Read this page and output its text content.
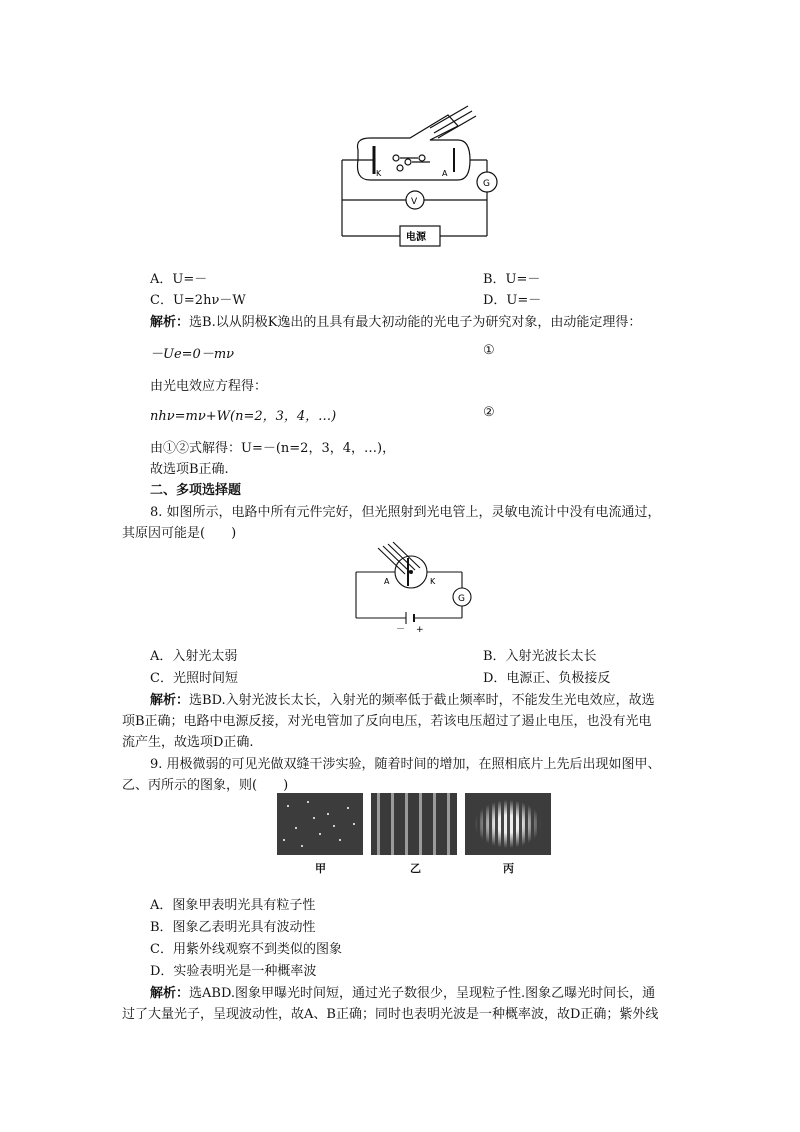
K	A
G
V
电源
A．U=－	B．U=－
C．U=2hν－W	D．U=－
解析：选B.以从阴极K逸出的且具有最大初动能的光电子为研究对象，由动能定理得：
－Ue=0－mν	①
由光电效应方程得：
nhν=mν+W(n=2，3，4，…)	②
由①②式解得：U=－(n=2，3，4，…)，
故选项B正确.
二、多项选择题
8. 如图所示，电路中所有元件完好，但光照射到光电管上，灵敏电流计中没有电流通过，
其原因可能是(　　)
A	K
G
－ +
A．入射光太弱	B．入射光波长太长
C．光照时间短	D．电源正、负极接反
解析：选BD.入射光波长太长，入射光的频率低于截止频率时，不能发生光电效应，故选
项B正确；电路中电源反接，对光电管加了反向电压，若该电压超过了遏止电压，也没有光电
流产生，故选项D正确.
9. 用极微弱的可见光做双缝干涉实验，随着时间的增加，在照相底片上先后出现如图甲、
乙、丙所示的图象，则(　　)
甲	乙	丙
A．图象甲表明光具有粒子性
B．图象乙表明光具有波动性
C．用紫外线观察不到类似的图象
D．实验表明光是一种概率波
解析：选ABD.图象甲曝光时间短，通过光子数很少，呈现粒子性.图象乙曝光时间长，通
过了大量光子，呈现波动性，故A、B正确；同时也表明光波是一种概率波，故D正确；紫外线
